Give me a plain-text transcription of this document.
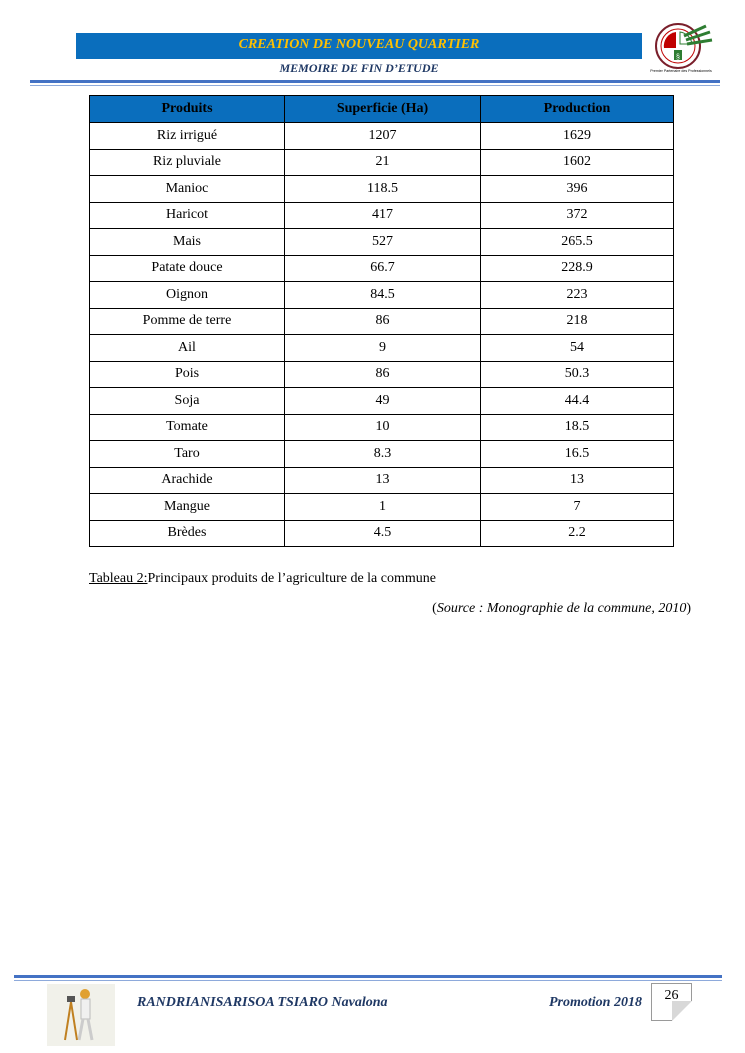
CREATION DE NOUVEAU QUARTIER
MEMOIRE DE FIN D’ETUDE
§
Premier Partenaire des Professionnels
Produits	Superficie (Ha)	Production
Riz irrigué	1207	1629
Riz pluviale	21	1602
Manioc	118.5	396
Haricot	417	372
Mais	527	265.5
Patate douce	66.7	228.9
Oignon	84.5	223
Pomme de terre	86	218
Ail	9	54
Pois	86	50.3
Soja	49	44.4
Tomate	10	18.5
Taro	8.3	16.5
Arachide	13	13
Mangue	1	7
Brèdes	4.5	2.2
Tableau 2:Principaux produits de l’agriculture de la commune
(Source : Monographie de la commune, 2010)
RANDRIANISARISOA TSIARO Navalona	Promotion 2018	26
